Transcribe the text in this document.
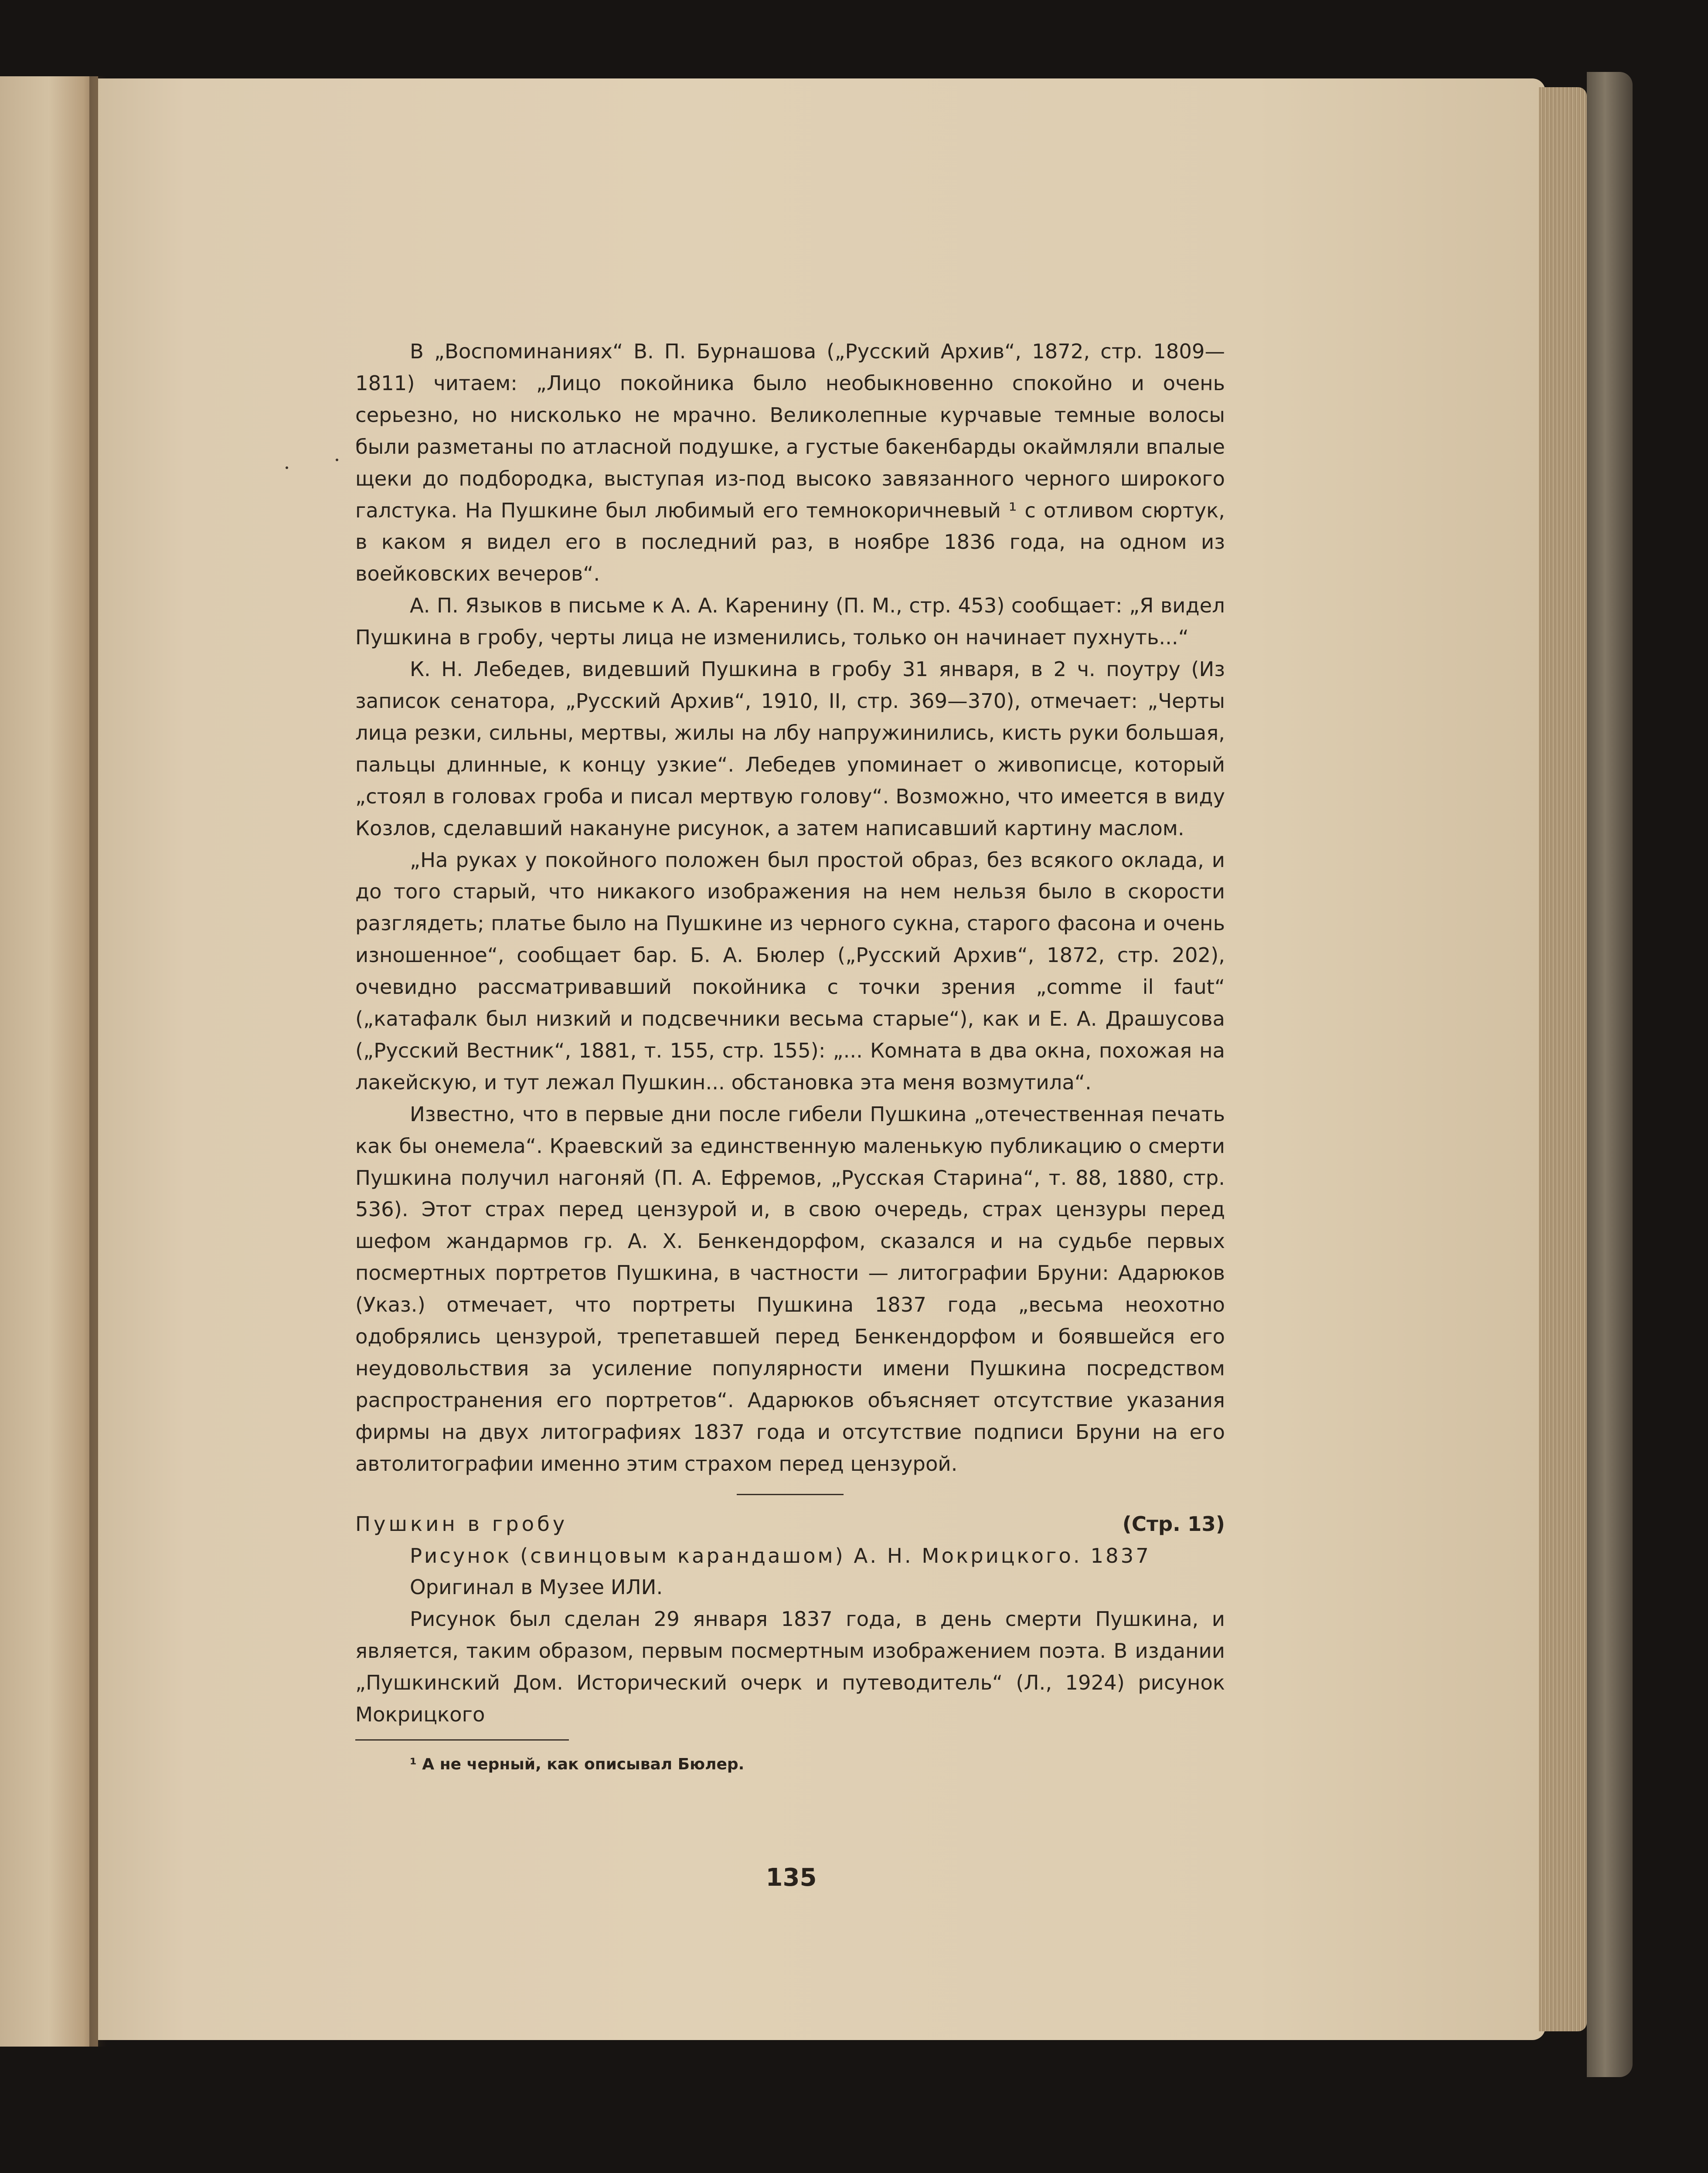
В „Воспоминаниях“ В. П. Бурнашова („Русский Архив“, 1872, стр. 1809—1811) читаем: „Лицо покойника было необыкновенно спокойно и очень серьезно, но нисколько не мрачно. Великолепные курчавые темные волосы были разметаны по атласной подушке, а густые бакенбарды окаймляли впалые щеки до подбородка, выступая из-под высоко завязанного черного широкого галстука. На Пушкине был любимый его темнокоричневый ¹ с отливом сюртук, в каком я видел его в последний раз, в ноябре 1836 года, на одном из воейковских вечеров“.

А. П. Языков в письме к А. А. Каренину (П. М., стр. 453) сообщает: „Я видел Пушкина в гробу, черты лица не изменились, только он начинает пухнуть...“

К. Н. Лебедев, видевший Пушкина в гробу 31 января, в 2 ч. поутру (Из записок сенатора, „Русский Архив“, 1910, II, стр. 369—370), отмечает: „Черты лица резки, сильны, мертвы, жилы на лбу напружинились, кисть руки большая, пальцы длинные, к концу узкие“. Лебедев упоминает о живописце, который „стоял в головах гроба и писал мертвую голову“. Возможно, что имеется в виду Козлов, сделавший накануне рисунок, а затем написавший картину маслом.

„На руках у покойного положен был простой образ, без всякого оклада, и до того старый, что никакого изображения на нем нельзя было в скорости разглядеть; платье было на Пушкине из черного сукна, старого фасона и очень изношенное“, сообщает бар. Б. А. Бюлер („Русский Архив“, 1872, стр. 202), очевидно рассматривавший покойника с точки зрения „comme il faut“ („катафалк был низкий и подсвечники весьма старые“), как и Е. А. Драшусова („Русский Вестник“, 1881, т. 155, стр. 155): „... Комната в два окна, похожая на лакейскую, и тут лежал Пушкин... обстановка эта меня возмутила“.

Известно, что в первые дни после гибели Пушкина „отечественная печать как бы онемела“. Краевский за единственную маленькую публикацию о смерти Пушкина получил нагоняй (П. А. Ефремов, „Русская Старина“, т. 88, 1880, стр. 536). Этот страх перед цензурой и, в свою очередь, страх цензуры перед шефом жандармов гр. А. Х. Бенкендорфом, сказался и на судьбе первых посмертных портретов Пушкина, в частности — литографии Бруни: Адарюков (Указ.) отмечает, что портреты Пушкина 1837 года „весьма неохотно одобрялись цензурой, трепетавшей перед Бенкендорфом и боявшейся его неудовольствия за усиление популярности имени Пушкина посредством распространения его портретов“. Адарюков объясняет отсутствие указания фирмы на двух литографиях 1837 года и отсутствие подписи Бруни на его автолитографии именно этим страхом перед цензурой.

Пушкин в гробу	(Стр. 13)
Рисунок (свинцовым карандашом) А. Н. Мокрицкого. 1837
Оригинал в Музее ИЛИ.

Рисунок был сделан 29 января 1837 года, в день смерти Пушкина, и является, таким образом, первым посмертным изображением поэта. В издании „Пушкинский Дом. Исторический очерк и путеводитель“ (Л., 1924) рисунок Мокрицкого

¹ А не черный, как описывал Бюлер.
135
